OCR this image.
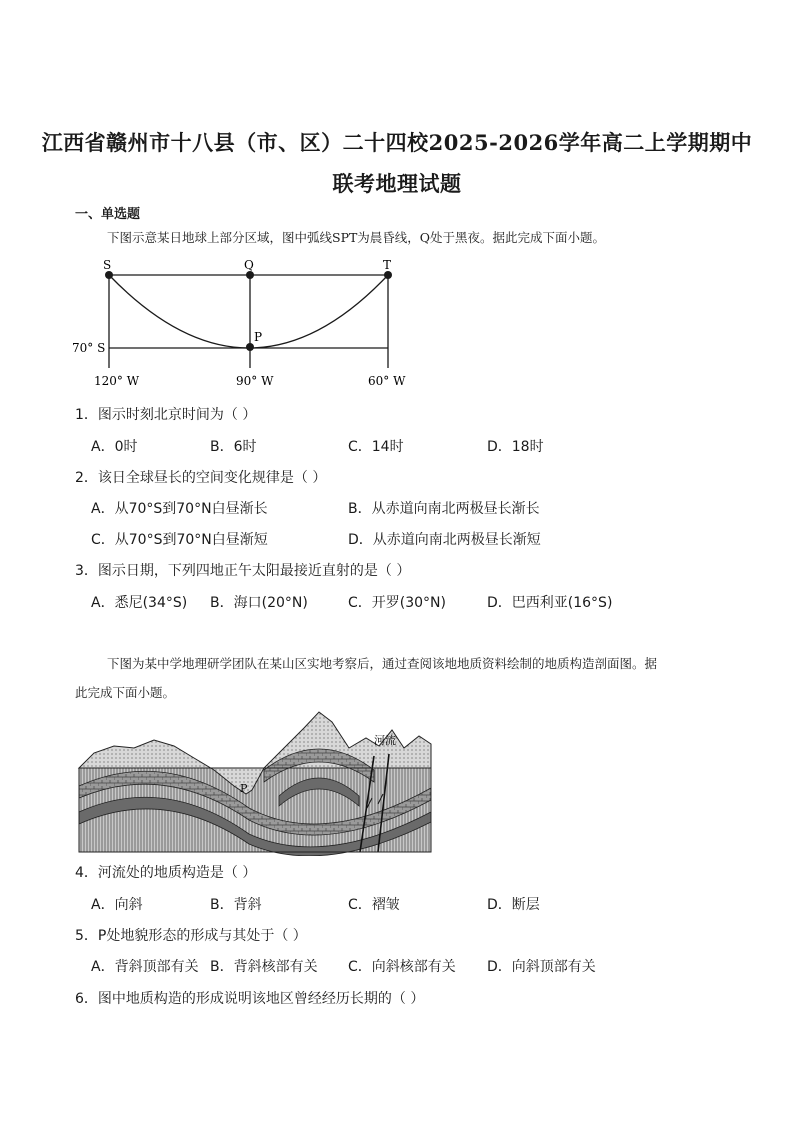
江西省赣州市十八县（市、区）二十四校2025-2026学年高二上学期期中
联考地理试题
一、单选题
下图示意某日地球上部分区域，图中弧线SPT为晨昏线，Q处于黑夜。据此完成下面小题。
S	Q	T
P
70° S
120° W	90° W	60° W
1．图示时刻北京时间为（ ）
A．0时	B．6时	C．14时	D．18时
2．该日全球昼长的空间变化规律是（ ）
A．从70°S到70°N白昼渐长	B．从赤道向南北两极昼长渐长
C．从70°S到70°N白昼渐短	D．从赤道向南北两极昼长渐短
3．图示日期，下列四地正午太阳最接近直射的是（ ）
A．悉尼(34°S) B．海口(20°N)	C．开罗(30°N)	D．巴西利亚(16°S)
下图为某中学地理研学团队在某山区实地考察后，通过查阅该地地质资料绘制的地质构造剖面图。据
此完成下面小题。
河流
P
4．河流处的地质构造是（ ）
A．向斜	B．背斜	C．褶皱	D．断层
5．P处地貌形态的形成与其处于（ ）
A．背斜顶部有关 B．背斜核部有关 C．向斜核部有关 D．向斜顶部有关
6．图中地质构造的形成说明该地区曾经经历长期的（ ）
